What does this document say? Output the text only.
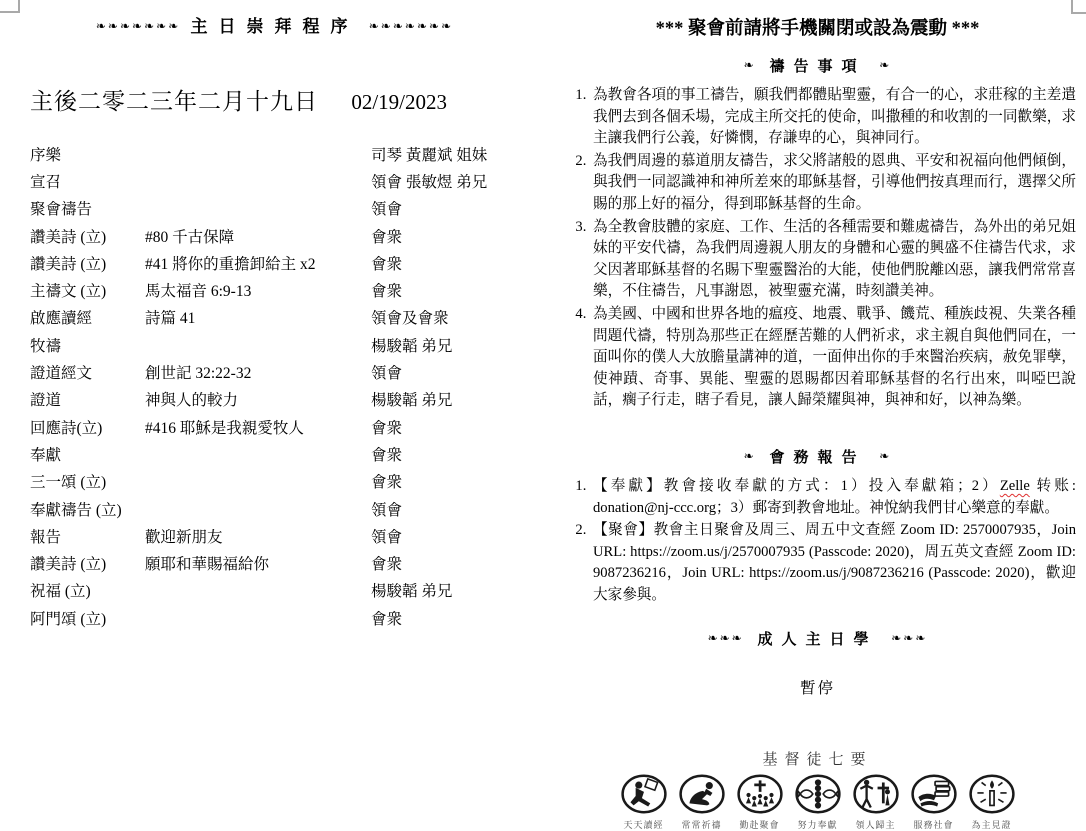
❧❧❧❧❧❧❧ 主日崇拜程序 ❧❧❧❧❧❧❧
主後二零二三年二月十九日 02/19/2023
序樂		司琴 黃麗斌 姐妹
宣召		領會 張敏煜 弟兄
聚會禱告		領會
讚美詩 (立)	#80 千古保障	會衆
讚美詩 (立)	#41 將你的重擔卸給主 x2	會衆
主禱文 (立)	馬太福音 6:9-13	會衆
啟應讀經	詩篇 41	領會及會衆
牧禱		楊駿韜 弟兄
證道經文	創世記 32:22-32	領會
證道	神與人的較力	楊駿韜 弟兄
回應詩(立)	#416 耶穌是我親愛牧人	會衆
奉獻		會衆
三一頌 (立)		會衆
奉獻禱告 (立)		領會
報告	歡迎新朋友	領會
讚美詩 (立)	願耶和華賜福給你	會衆
祝福 (立)		楊駿韜 弟兄
阿門頌 (立)		會衆
*** 聚會前請將手機關閉或設為震動 ***
❧ 禱告事項 ❧
1. 為教會各項的事工禱告，願我們都體貼聖靈，有合一的心，求莊稼的主差遣我們去到各個禾場，完成主所交托的使命，叫撒種的和收割的一同歡樂，求主讓我們行公義，好憐憫，存謙卑的心，與神同行。
2. 為我們周邊的慕道朋友禱告，求父將諸般的恩典、平安和祝福向他們傾倒，與我們一同認識神和神所差來的耶穌基督，引導他們按真理而行，選擇父所賜的那上好的福分，得到耶穌基督的生命。
3. 為全教會肢體的家庭、工作、生活的各種需要和難處禱告，為外出的弟兄姐妹的平安代禱，為我們周邊親人朋友的身體和心靈的興盛不住禱告代求，求父因著耶穌基督的名賜下聖靈醫治的大能，使他們脫離凶惡，讓我們常常喜樂，不住禱告，凡事謝恩，被聖靈充滿，時刻讚美神。
4. 為美國、中國和世界各地的瘟疫、地震、戰爭、饑荒、種族歧視、失業各種問題代禱，特別為那些正在經歷苦難的人們祈求，求主親自與他們同在，一面叫你的僕人大放膽量講神的道，一面伸出你的手來醫治疾病，赦免罪孽，使神蹟、奇事、異能、聖靈的恩賜都因着耶穌基督的名行出來，叫啞巴說話，瘸子行走，瞎子看見，讓人歸榮耀與神，與神和好，以神為樂。
❧ 會務報告 ❧
1. 【奉獻】教會接收奉獻的方式：1）投入奉獻箱；2）Zelle 转账: donation@nj-ccc.org；3）郵寄到教會地址。神悅納我們甘心樂意的奉獻。
2. 【聚會】教會主日聚會及周三、周五中文查經 Zoom ID: 2570007935，Join URL: https://zoom.us/j/2570007935 (Passcode: 2020)，周五英文查經 Zoom ID: 9087236216，Join URL: https://zoom.us/j/9087236216 (Passcode: 2020)，歡迎大家參與。
❧❧❧ 成人主日學 ❧❧❧
暫停
基督徒七要
天天讀經 常常祈禱 勤赴聚會 努力奉獻 領人歸主 服務社會 為主見證
